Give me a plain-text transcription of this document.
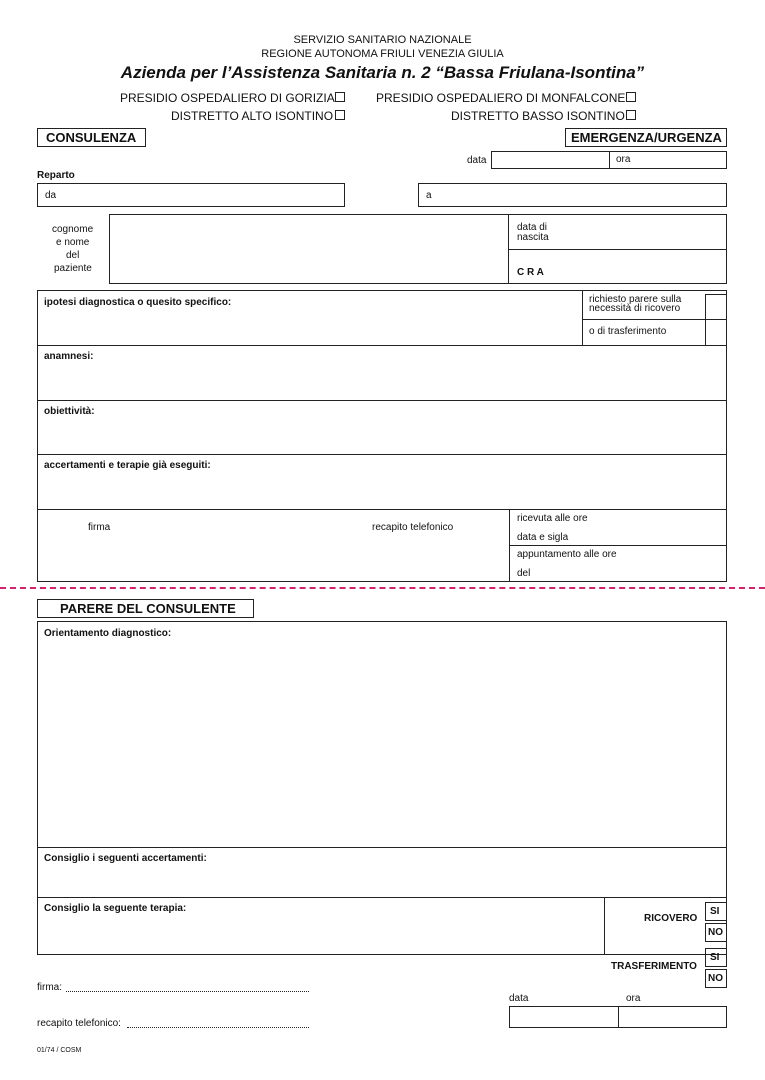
SERVIZIO SANITARIO NAZIONALE
REGIONE AUTONOMA FRIULI VENEZIA GIULIA
Azienda per l’Assistenza Sanitaria n. 2 “Bassa Friulana-Isontina”
PRESIDIO OSPEDALIERO DI GORIZIA	PRESIDIO OSPEDALIERO DI MONFALCONE
DISTRETTO ALTO ISONTINO	DISTRETTO BASSO ISONTINO
CONSULENZA	EMERGENZA/URGENZA
data	ora
Reparto
da	a
cognome
e nome
del
paziente
data di
nascita
C R A
ipotesi diagnostica o quesito specifico:	richiesto parere sulla
necessità di ricovero
o di trasferimento
anamnesi:
obiettività:
accertamenti e terapie già eseguiti:
firma	recapito telefonico
ricevuta alle ore
data e sigla
appuntamento alle ore
del
PARERE DEL CONSULENTE
Orientamento diagnostico:
Consiglio i seguenti accertamenti:
Consiglio la seguente terapia:
RICOVERO
SI
NO
TRASFERIMENTO
SI
NO
firma:
recapito telefonico:
data	ora
01/74 / COSM
